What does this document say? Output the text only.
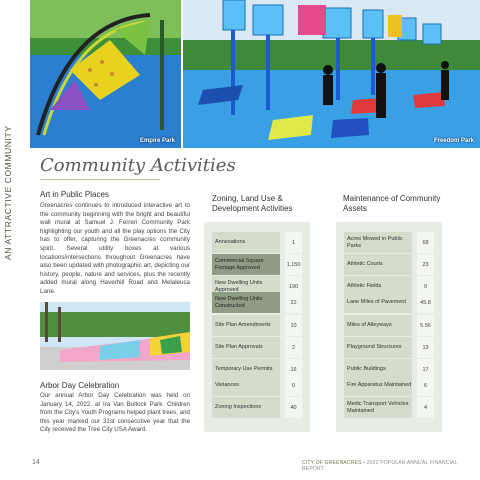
AN ATTRACTIVE COMMUNITY	Empire Park	Freedom Park
Community Activities
Art in Public Places
Greenacres continues to introduced interactive art to the community beginning with the bright and beautiful wall mural at Samuel J. Ferreri Community Park highlighting our youth and all the play options the City has to offer, capturing the Greenacres community spirit. Several utility boxes at various locations/intersections throughout Greenacres have also been updated with photographic art, depicting our history, people, nature and services, plus the recently added mural along Haverhill Road and Melaleuca Lane.
Arbor Day Celebration
Our annual Arbor Day Celebration was held on January 14, 2022, at Ira Van Bullock Park. Children from the City's Youth Programs helped plant trees, and this year marked our 31st consecutive year that the City received the Tree City USA Award.
Zoning, Land Use & Development Activities
Annexations	1
Commercial Square Footage Approved	1,150
New Dwelling Units Approved	190
New Dwelling Units Constructed	22
Site Plan Amendments	10
Site Plan Approvals	2
Temporary Use Permits	16
Variances	0
Zoning Inspections	40
Maintenance of Community Assets
Acres Mowed in Public Parks	68
Athletic Courts	23
Athletic Fields	9
Lane Miles of Pavement	45.8
Miles of Alleyways	5.56
Playground Structures	13
Public Buildings	17
Fire Apparatus Maintained	6
Medic Transport Vehicles Maintained	4
14	CITY OF GREENACRES • 2022 POPULAR ANNUAL FINANCIAL REPORT
